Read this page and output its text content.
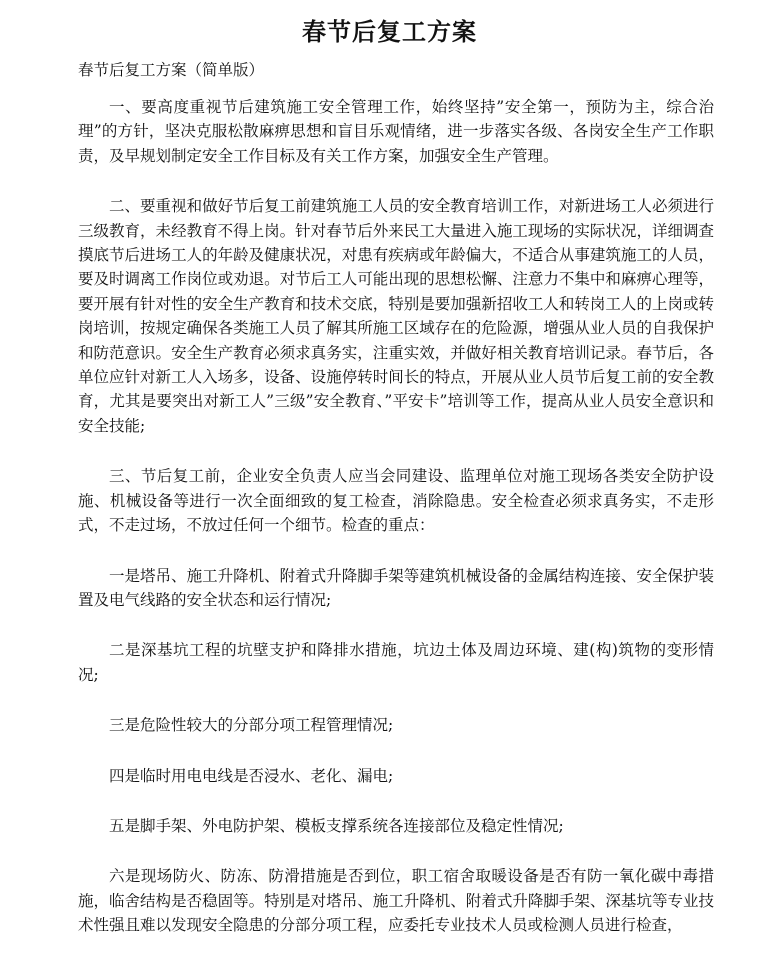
春节后复工方案
春节后复工方案（简单版）

一、要高度重视节后建筑施工安全管理工作，始终坚持”安全第一，预防为主，综合治理”的方针，坚决克服松散麻痹思想和盲目乐观情绪，进一步落实各级、各岗安全生产工作职责，及早规划制定安全工作目标及有关工作方案，加强安全生产管理。

二、要重视和做好节后复工前建筑施工人员的安全教育培训工作，对新进场工人必须进行三级教育，未经教育不得上岗。针对春节后外来民工大量进入施工现场的实际状况，详细调查摸底节后进场工人的年龄及健康状况，对患有疾病或年龄偏大，不适合从事建筑施工的人员，要及时调离工作岗位或劝退。对节后工人可能出现的思想松懈、注意力不集中和麻痹心理等，要开展有针对性的安全生产教育和技术交底，特别是要加强新招收工人和转岗工人的上岗或转岗培训，按规定确保各类施工人员了解其所施工区域存在的危险源，增强从业人员的自我保护和防范意识。安全生产教育必须求真务实，注重实效，并做好相关教育培训记录。春节后，各单位应针对新工人入场多，设备、设施停转时间长的特点，开展从业人员节后复工前的安全教育，尤其是要突出对新工人”三级”安全教育、”平安卡”培训等工作，提高从业人员安全意识和安全技能;

三、节后复工前，企业安全负责人应当会同建设、监理单位对施工现场各类安全防护设施、机械设备等进行一次全面细致的复工检查，消除隐患。安全检查必须求真务实，不走形式，不走过场，不放过任何一个细节。检查的重点：

一是塔吊、施工升降机、附着式升降脚手架等建筑机械设备的金属结构连接、安全保护装置及电气线路的安全状态和运行情况;

二是深基坑工程的坑壁支护和降排水措施，坑边土体及周边环境、建(构)筑物的变形情况;

三是危险性较大的分部分项工程管理情况;

四是临时用电电线是否浸水、老化、漏电;

五是脚手架、外电防护架、模板支撑系统各连接部位及稳定性情况;

六是现场防火、防冻、防滑措施是否到位，职工宿舍取暖设备是否有防一氧化碳中毒措施，临舍结构是否稳固等。特别是对塔吊、施工升降机、附着式升降脚手架、深基坑等专业技术性强且难以发现安全隐患的分部分项工程，应委托专业技术人员或检测人员进行检查，
